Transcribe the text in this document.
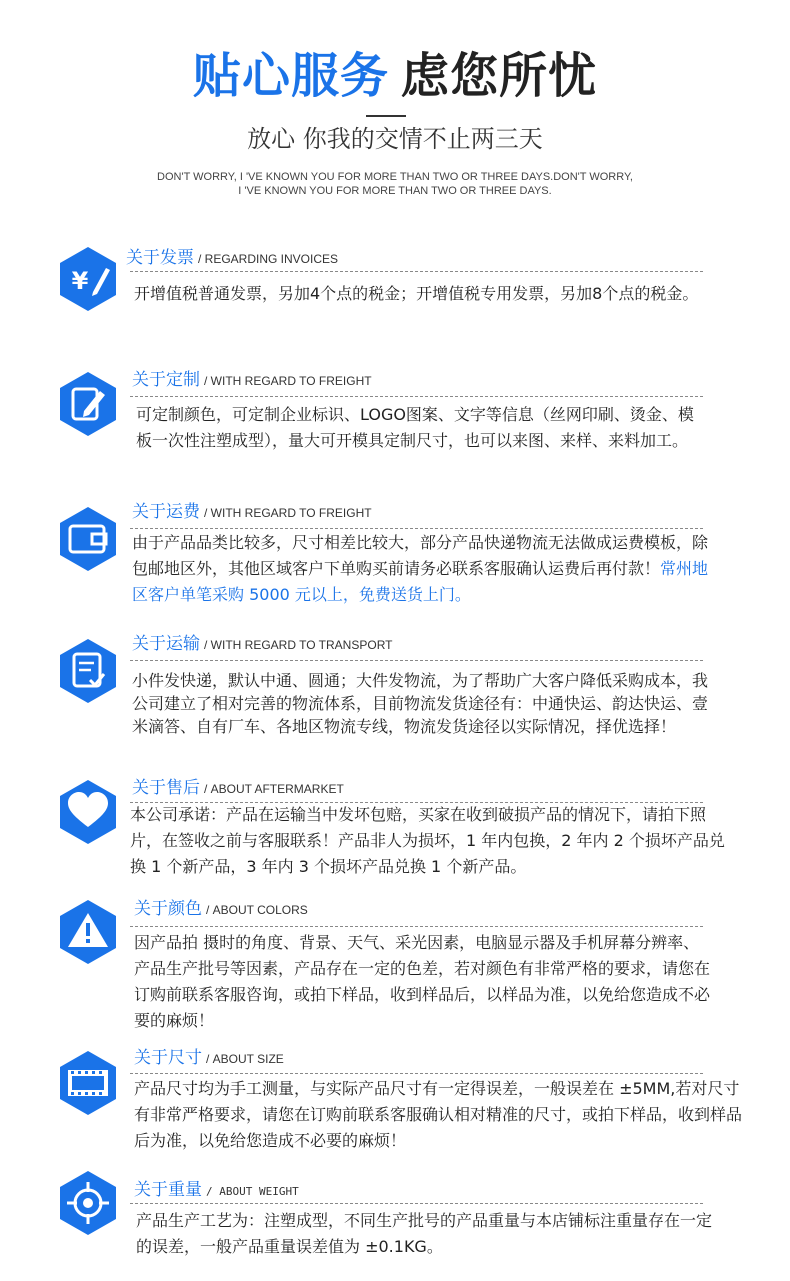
贴心服务 虑您所忧
放心 你我的交情不止两三天
DON'T WORRY, I 'VE KNOWN YOU FOR MORE THAN TWO OR THREE DAYS.DON'T WORRY,
I 'VE KNOWN YOU FOR MORE THAN TWO OR THREE DAYS.
¥
关于发票 / REGARDING INVOICES
开增值税普通发票，另加4个点的税金；开增值税专用发票，另加8个点的税金。
关于定制 / WITH REGARD TO FREIGHT
可定制颜色，可定制企业标识、LOGO图案、文字等信息（丝网印刷、烫金、模板一次性注塑成型），量大可开模具定制尺寸，也可以来图、来样、来料加工。
关于运费 / WITH REGARD TO FREIGHT
由于产品品类比较多，尺寸相差比较大，部分产品快递物流无法做成运费模板，除包邮地区外，其他区域客户下单购买前请务必联系客服确认运费后再付款！常州地区客户单笔采购 5000 元以上，免费送货上门。
关于运输 / WITH REGARD TO TRANSPORT
小件发快递，默认中通、圆通；大件发物流，为了帮助广大客户降低采购成本，我公司建立了相对完善的物流体系，目前物流发货途径有：中通快运、韵达快运、壹米滴答、自有厂车、各地区物流专线，物流发货途径以实际情况，择优选择！
关于售后 / ABOUT AFTERMARKET
本公司承诺：产品在运输当中发坏包赔，买家在收到破损产品的情况下，请拍下照片，在签收之前与客服联系！产品非人为损坏，1 年内包换，2 年内 2 个损坏产品兑换 1 个新产品，3 年内 3 个损坏产品兑换 1 个新产品。
关于颜色 / ABOUT COLORS
因产品拍 摄时的角度、背景、天气、采光因素，电脑显示器及手机屏幕分辨率、产品生产批号等因素，产品存在一定的色差，若对颜色有非常严格的要求，请您在订购前联系客服咨询，或拍下样品，收到样品后，以样品为准，以免给您造成不必要的麻烦！
关于尺寸 / ABOUT SIZE
产品尺寸均为手工测量，与实际产品尺寸有一定得误差，一般误差在 ±5MM,若对尺寸有非常严格要求，请您在订购前联系客服确认相对精准的尺寸，或拍下样品，收到样品后为准，以免给您造成不必要的麻烦！
关于重量 / ABOUT WEIGHT
产品生产工艺为：注塑成型，不同生产批号的产品重量与本店铺标注重量存在一定的误差，一般产品重量误差值为 ±0.1KG。
